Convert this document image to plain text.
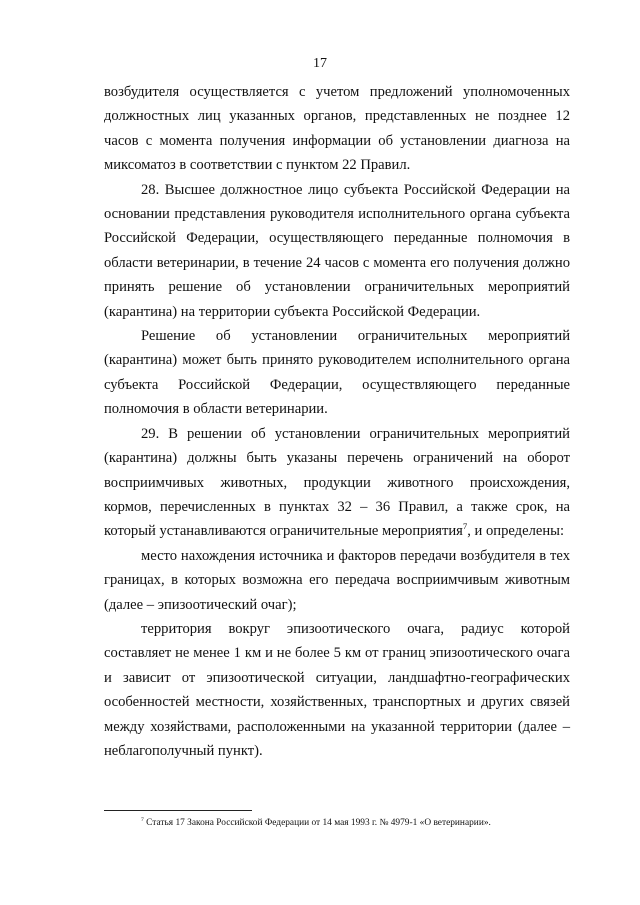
17

возбудителя осуществляется с учетом предложений уполномоченных должностных лиц указанных органов, представленных не позднее 12 часов с момента получения информации об установлении диагноза на миксоматоз в соответствии с пунктом 22 Правил.

28. Высшее должностное лицо субъекта Российской Федерации на основании представления руководителя исполнительного органа субъекта Российской Федерации, осуществляющего переданные полномочия в области ветеринарии, в течение 24 часов с момента его получения должно принять решение об установлении ограничительных мероприятий (карантина) на территории субъекта Российской Федерации.

Решение об установлении ограничительных мероприятий (карантина) может быть принято руководителем исполнительного органа субъекта Российской Федерации, осуществляющего переданные полномочия в области ветеринарии.

29. В решении об установлении ограничительных мероприятий (карантина) должны быть указаны перечень ограничений на оборот восприимчивых животных, продукции животного происхождения, кормов, перечисленных в пунктах 32 – 36 Правил, а также срок, на который устанавливаются ограничительные мероприятия$^7$, и определены:

место нахождения источника и факторов передачи возбудителя в тех границах, в которых возможна его передача восприимчивым животным (далее – эпизоотический очаг);

территория вокруг эпизоотического очага, радиус которой составляет не менее 1 км и не более 5 км от границ эпизоотического очага и зависит от эпизоотической ситуации, ландшафтно-географических особенностей местности, хозяйственных, транспортных и других связей между хозяйствами, расположенными на указанной территории (далее – неблагополучный пункт).

$^7$ Статья 17 Закона Российской Федерации от 14 мая 1993 г. № 4979-1 «О ветеринарии».
